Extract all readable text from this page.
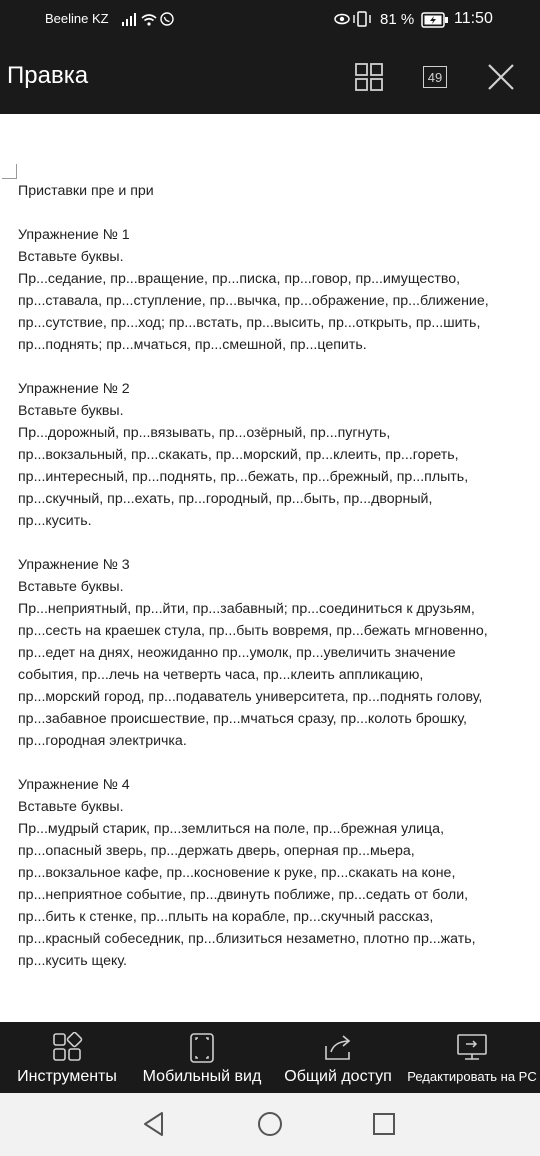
Beeline KZ	81 % 11:50
Правка	49
Приставки пре и при
Упражнение № 1
Вставьте буквы.
Пр...седание, пр...вращение, пр...писка, пр...говор, пр...имущество,
пр...ставала, пр...ступление, пр...вычка, пр...ображение, пр...ближение,
пр...сутствие, пр...ход; пр...встать, пр...высить, пр...открыть, пр...шить,
пр...поднять; пр...мчаться, пр...смешной, пр...цепить.
Упражнение № 2
Вставьте буквы.
Пр...дорожный, пр...вязывать, пр...озёрный, пр...пугнуть,
пр...вокзальный, пр...скакать, пр...морский, пр...клеить, пр...гореть,
пр...интересный, пр...поднять, пр...бежать, пр...брежный, пр...плыть,
пр...скучный, пр...ехать, пр...городный, пр...быть, пр...дворный,
пр...кусить.
Упражнение № 3
Вставьте буквы.
Пр...неприятный, пр...йти, пр...забавный; пр...соединиться к друзьям,
пр...сесть на краешек стула, пр...быть вовремя, пр...бежать мгновенно,
пр...едет на днях, неожиданно пр...умолк, пр...увеличить значение
события, пр...лечь на четверть часа, пр...клеить аппликацию,
пр...морский город, пр...подаватель университета, пр...поднять голову,
пр...забавное происшествие, пр...мчаться сразу, пр...колоть брошку,
пр...городная электричка.
Упражнение № 4
Вставьте буквы.
Пр...мудрый старик, пр...землиться на поле, пр...брежная улица,
пр...опасный зверь, пр...держать дверь, оперная пр...мьера,
пр...вокзальное кафе, пр...косновение к руке, пр...скакать на коне,
пр...неприятное событие, пр...двинуть поближе, пр...седать от боли,
пр...бить к стенке, пр...плыть на корабле, пр...скучный рассказ,
пр...красный собеседник, пр...близиться незаметно, плотно пр...жать,
пр...кусить щеку.
Инструменты	Мобильный вид	Общий доступ	Редактировать на PC
